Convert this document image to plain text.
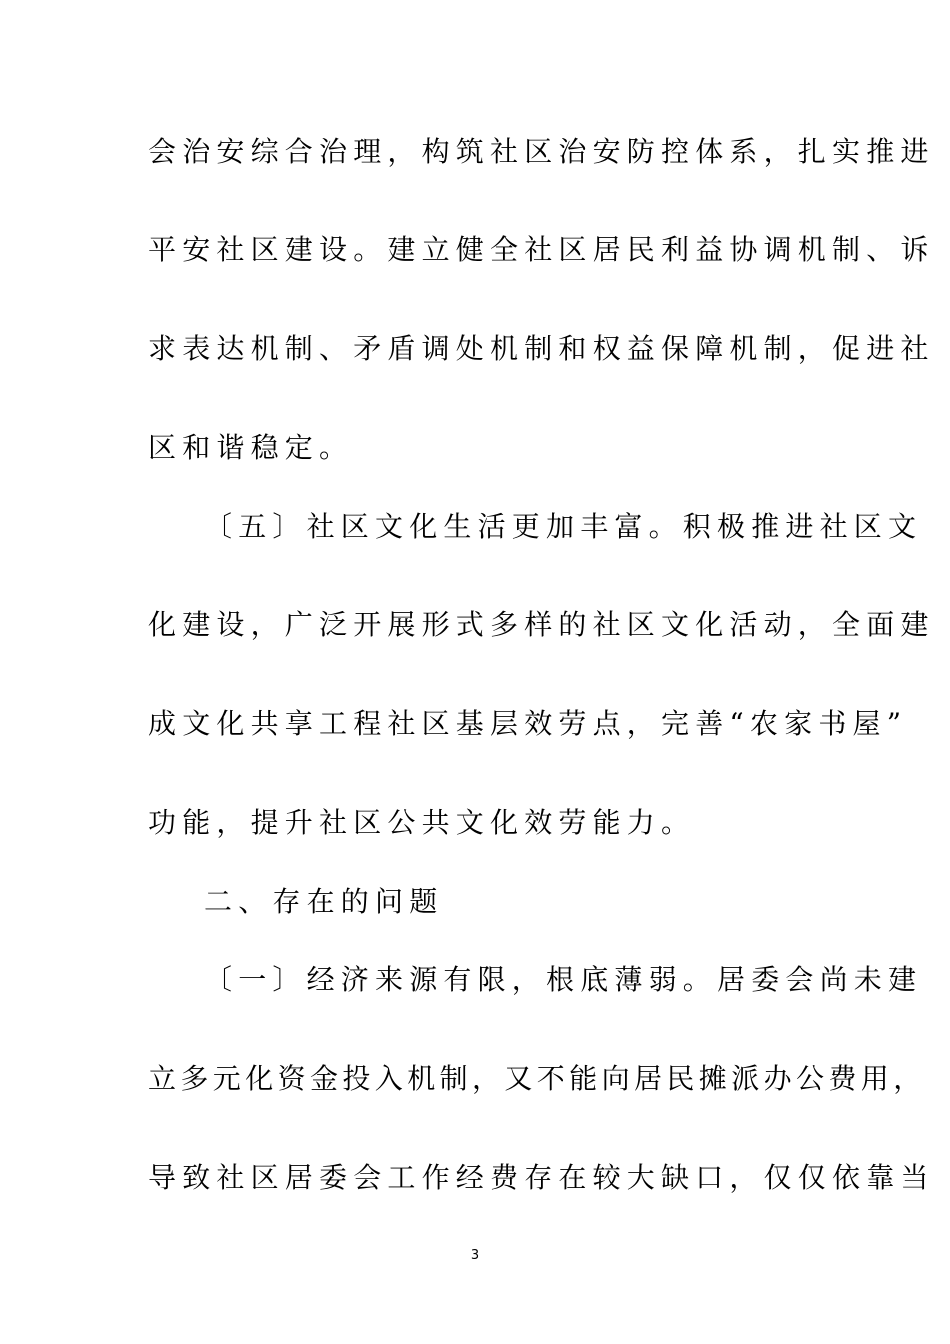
会治安综合治理，构筑社区治安防控体系，扎实推进
平安社区建设。建立健全社区居民利益协调机制、诉
求表达机制、矛盾调处机制和权益保障机制，促进社
区和谐稳定。
〔五〕社区文化生活更加丰富。积极推进社区文
化建设，广泛开展形式多样的社区文化活动，全面建
成文化共享工程社区基层效劳点，完善“农家书屋”
功能，提升社区公共文化效劳能力。
二、存在的问题
〔一〕经济来源有限，根底薄弱。居委会尚未建
立多元化资金投入机制，又不能向居民摊派办公费用，
导致社区居委会工作经费存在较大缺口，仅仅依靠当
3
